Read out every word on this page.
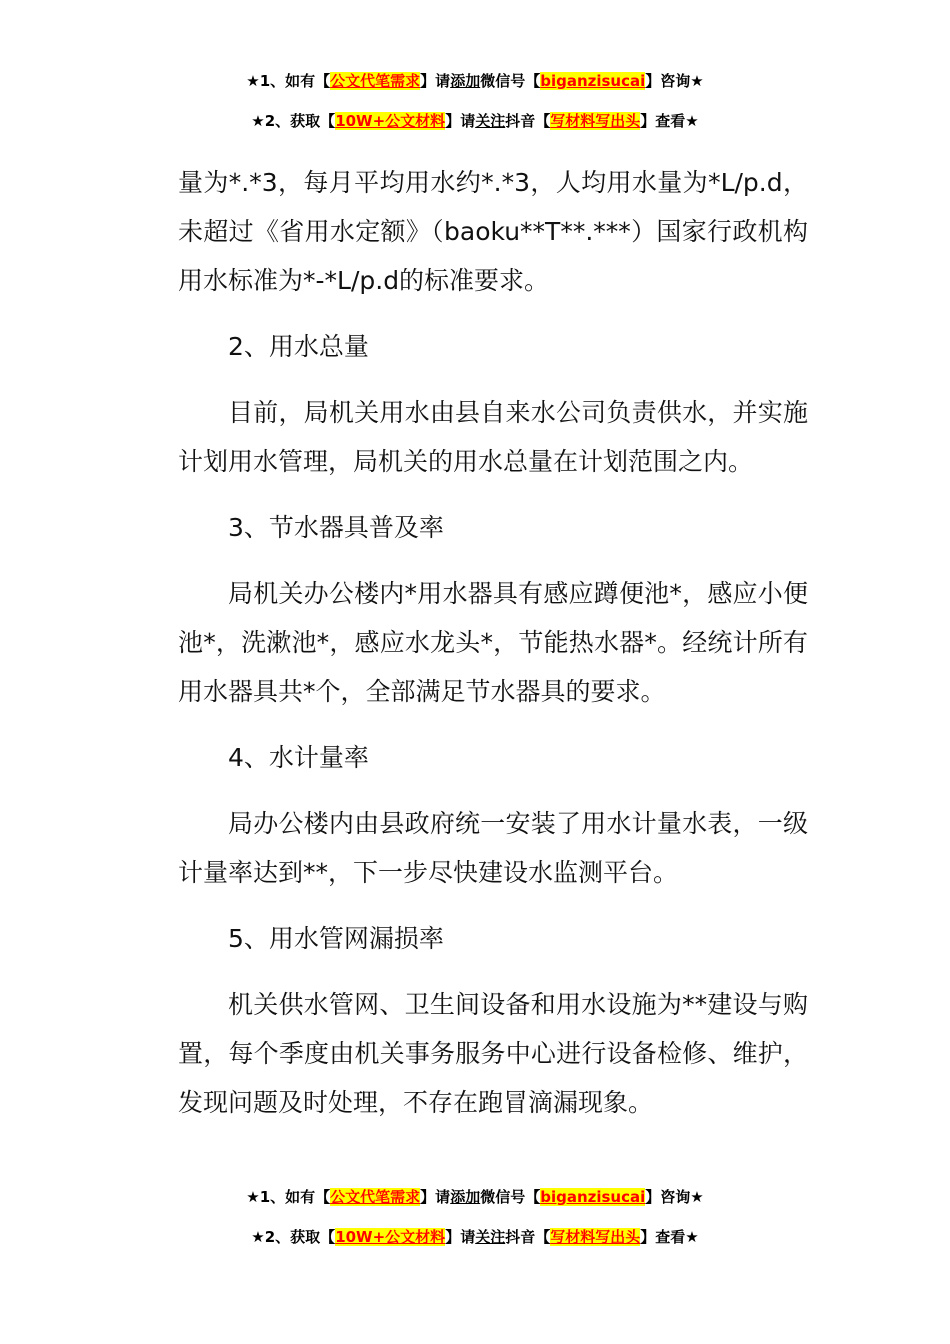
★1、如有【公文代笔需求】请添加微信号【biganzisucai】咨询★
★2、获取【10W+公文材料】请关注抖音【写材料写出头】查看★

量为*.*3，每月平均用水约*.*3，人均用水量为*L/p.d，未超过《省用水定额》（baoku**T**.***）国家行政机构用水标准为*-*L/p.d的标准要求。

2、用水总量

目前，局机关用水由县自来水公司负责供水，并实施计划用水管理，局机关的用水总量在计划范围之内。

3、节水器具普及率

局机关办公楼内*用水器具有感应蹲便池*，感应小便池*，洗漱池*，感应水龙头*，节能热水器*。经统计所有用水器具共*个，全部满足节水器具的要求。

4、水计量率

局办公楼内由县政府统一安装了用水计量水表，一级计量率达到**，下一步尽快建设水监测平台。

5、用水管网漏损率

机关供水管网、卫生间设备和用水设施为**建设与购置，每个季度由机关事务服务中心进行设备检修、维护，发现问题及时处理，不存在跑冒滴漏现象。

★1、如有【公文代笔需求】请添加微信号【biganzisucai】咨询★
★2、获取【10W+公文材料】请关注抖音【写材料写出头】查看★
